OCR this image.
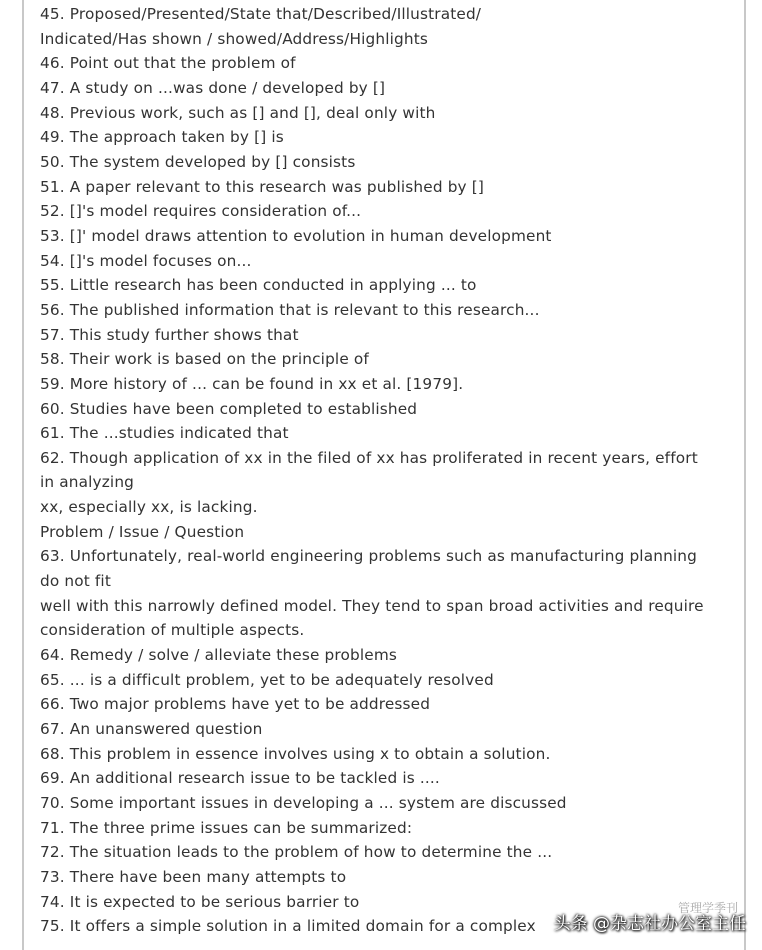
45. Proposed/Presented/State that/Described/Illustrated/
Indicated/Has shown / showed/Address/Highlights
46. Point out that the problem of
47. A study on ...was done / developed by []
48. Previous work, such as [] and [], deal only with
49. The approach taken by [] is
50. The system developed by [] consists
51. A paper relevant to this research was published by []
52. []'s model requires consideration of...
53. []' model draws attention to evolution in human development
54. []'s model focuses on...
55. Little research has been conducted in applying ... to
56. The published information that is relevant to this research...
57. This study further shows that
58. Their work is based on the principle of
59. More history of ... can be found in xx et al. [1979].
60. Studies have been completed to established
61. The ...studies indicated that
62. Though application of xx in the filed of xx has proliferated in recent years, effort
in analyzing
xx, especially xx, is lacking.
Problem / Issue / Question
63. Unfortunately, real-world engineering problems such as manufacturing planning
do not fit
well with this narrowly defined model. They tend to span broad activities and require
consideration of multiple aspects.
64. Remedy / solve / alleviate these problems
65. ... is a difficult problem, yet to be adequately resolved
66. Two major problems have yet to be addressed
67. An unanswered question
68. This problem in essence involves using x to obtain a solution.
69. An additional research issue to be tackled is ....
70. Some important issues in developing a ... system are discussed
71. The three prime issues can be summarized:
72. The situation leads to the problem of how to determine the ...
73. There have been many attempts to
74. It is expected to be serious barrier to
75. It offers a simple solution in a limited domain for a complex
管理学季刊
头条 @杂志社办公室主任
